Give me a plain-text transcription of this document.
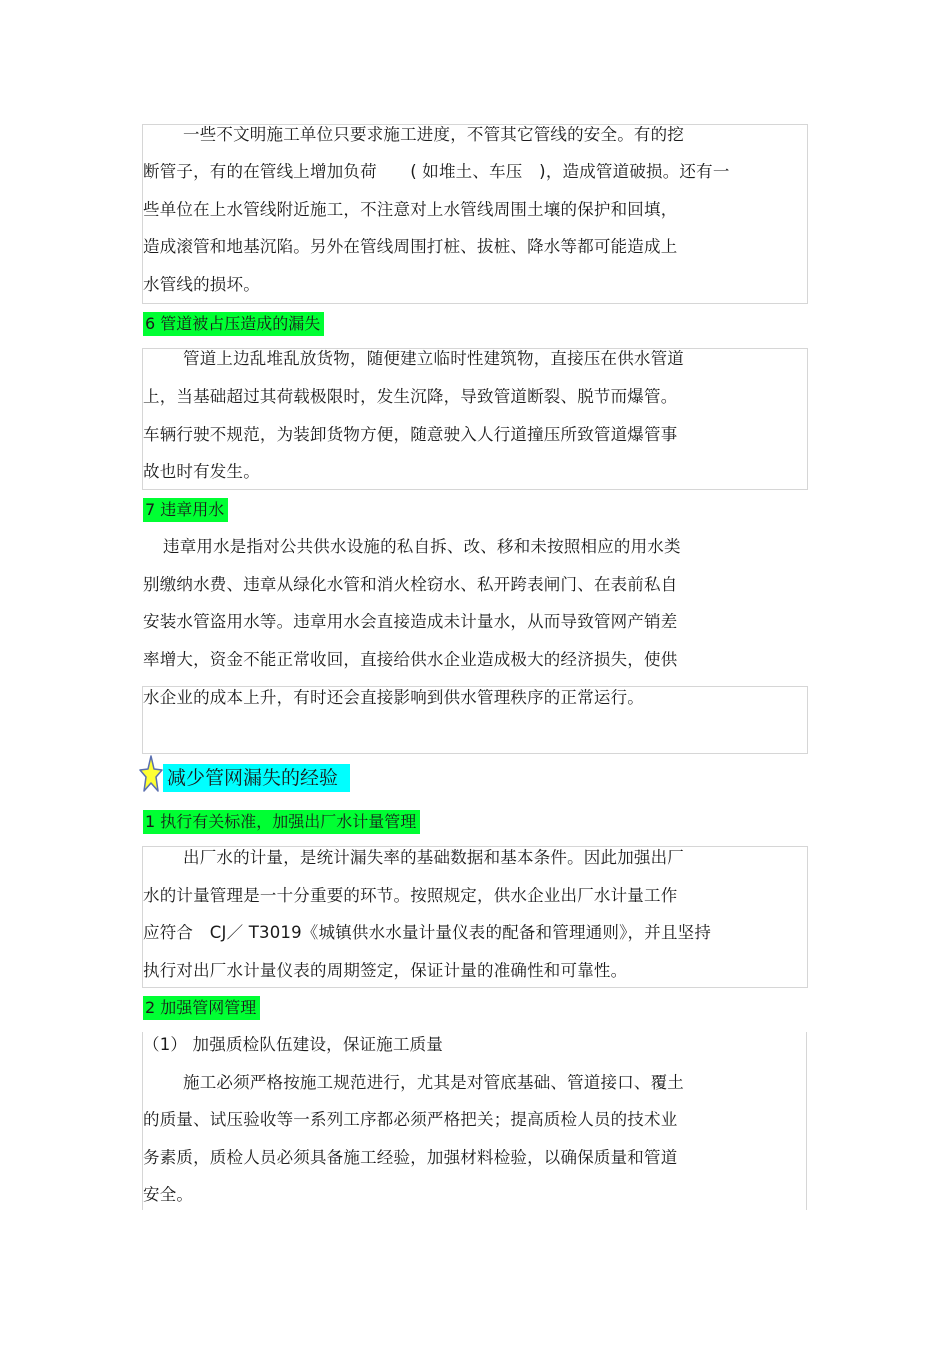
一些不文明施工单位只要求施工进度，不管其它管线的安全。有的挖
断管子，有的在管线上增加负荷　　( 如堆土、车压　)，造成管道破损。还有一
些单位在上水管线附近施工，不注意对上水管线周围土壤的保护和回填，
造成滚管和地基沉陷。另外在管线周围打桩、拔桩、降水等都可能造成上
水管线的损坏。
6 管道被占压造成的漏失
管道上边乱堆乱放货物，随便建立临时性建筑物，直接压在供水管道
上，当基础超过其荷载极限时，发生沉降，导致管道断裂、脱节而爆管。
车辆行驶不规范，为装卸货物方便，随意驶入人行道撞压所致管道爆管事
故也时有发生。
7 违章用水
违章用水是指对公共供水设施的私自拆、改、移和未按照相应的用水类
别缴纳水费、违章从绿化水管和消火栓窃水、私开跨表闸门、在表前私自
安装水管盗用水等。违章用水会直接造成未计量水，从而导致管网产销差
率增大，资金不能正常收回，直接给供水企业造成极大的经济损失，使供
水企业的成本上升，有时还会直接影响到供水管理秩序的正常运行。
减少管网漏失的经验
1 执行有关标准，加强出厂水计量管理
出厂水的计量，是统计漏失率的基础数据和基本条件。因此加强出厂
水的计量管理是一十分重要的环节。按照规定，供水企业出厂水计量工作
应符合　CJ／ T3019《城镇供水水量计量仪表的配备和管理通则》，并且坚持
执行对出厂水计量仪表的周期签定，保证计量的准确性和可靠性。
2 加强管网管理
（1） 加强质检队伍建设，保证施工质量
施工必须严格按施工规范进行，尤其是对管底基础、管道接口、覆土
的质量、试压验收等一系列工序都必须严格把关；提高质检人员的技术业
务素质，质检人员必须具备施工经验，加强材料检验，以确保质量和管道
安全。
